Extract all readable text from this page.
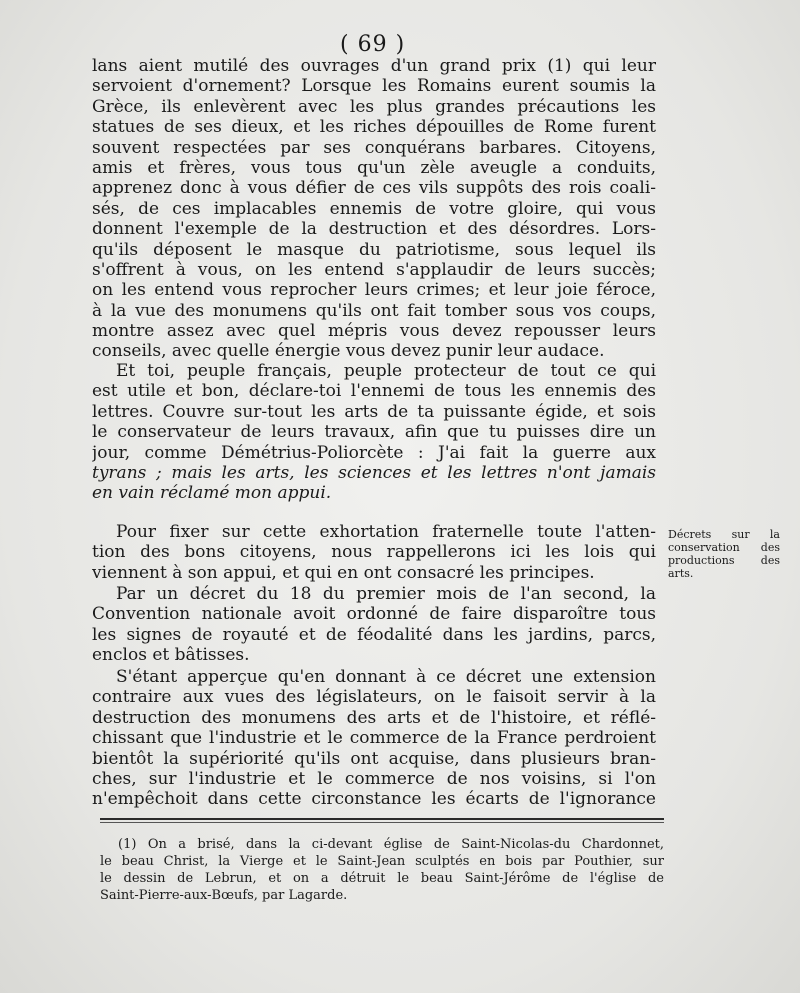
( 69 )
lans aient mutilé des ouvrages d'un grand prix (1) qui leur
servoient d'ornement? Lorsque les Romains eurent soumis la
Grèce, ils enlevèrent avec les plus grandes précautions les
statues de ses dieux, et les riches dépouilles de Rome furent
souvent respectées par ses conquérans barbares. Citoyens,
amis et frères, vous tous qu'un zèle aveugle a conduits,
apprenez donc à vous défier de ces vils suppôts des rois coali-
sés, de ces implacables ennemis de votre gloire, qui vous
donnent l'exemple de la destruction et des désordres. Lors-
qu'ils déposent le masque du patriotisme, sous lequel ils
s'offrent à vous, on les entend s'applaudir de leurs succès;
on les entend vous reprocher leurs crimes; et leur joie féroce,
à la vue des monumens qu'ils ont fait tomber sous vos coups,
montre assez avec quel mépris vous devez repousser leurs
conseils, avec quelle énergie vous devez punir leur audace.
Et toi, peuple français, peuple protecteur de tout ce qui
est utile et bon, déclare-toi l'ennemi de tous les ennemis des
lettres. Couvre sur-tout les arts de ta puissante égide, et sois
le conservateur de leurs travaux, afin que tu puisses dire un
jour, comme Démétrius-Poliorcète : J'ai fait la guerre aux
tyrans ; mais les arts, les sciences et les lettres n'ont jamais
en vain réclamé mon appui.
Pour fixer sur cette exhortation fraternelle toute l'atten-
tion des bons citoyens, nous rappellerons ici les lois qui
viennent à son appui, et qui en ont consacré les principes.
Par un décret du 18 du premier mois de l'an second, la
Convention nationale avoit ordonné de faire disparoître tous
les signes de royauté et de féodalité dans les jardins, parcs,
enclos et bâtisses.
S'étant apperçue qu'en donnant à ce décret une extension
contraire aux vues des législateurs, on le faisoit servir à la
destruction des monumens des arts et de l'histoire, et réflé-
chissant que l'industrie et le commerce de la France perdroient
bientôt la supériorité qu'ils ont acquise, dans plusieurs bran-
ches, sur l'industrie et le commerce de nos voisins, si l'on
n'empêchoit dans cette circonstance les écarts de l'ignorance
Décrets sur la
conservation des
productions des
arts.
(1) On a brisé, dans la ci-devant église de Saint-Nicolas-du Chardonnet,
le beau Christ, la Vierge et le Saint-Jean sculptés en bois par Pouthier, sur
le dessin de Lebrun, et on a détruit le beau Saint-Jérôme de l'église de
Saint-Pierre-aux-Bœufs, par Lagarde.
